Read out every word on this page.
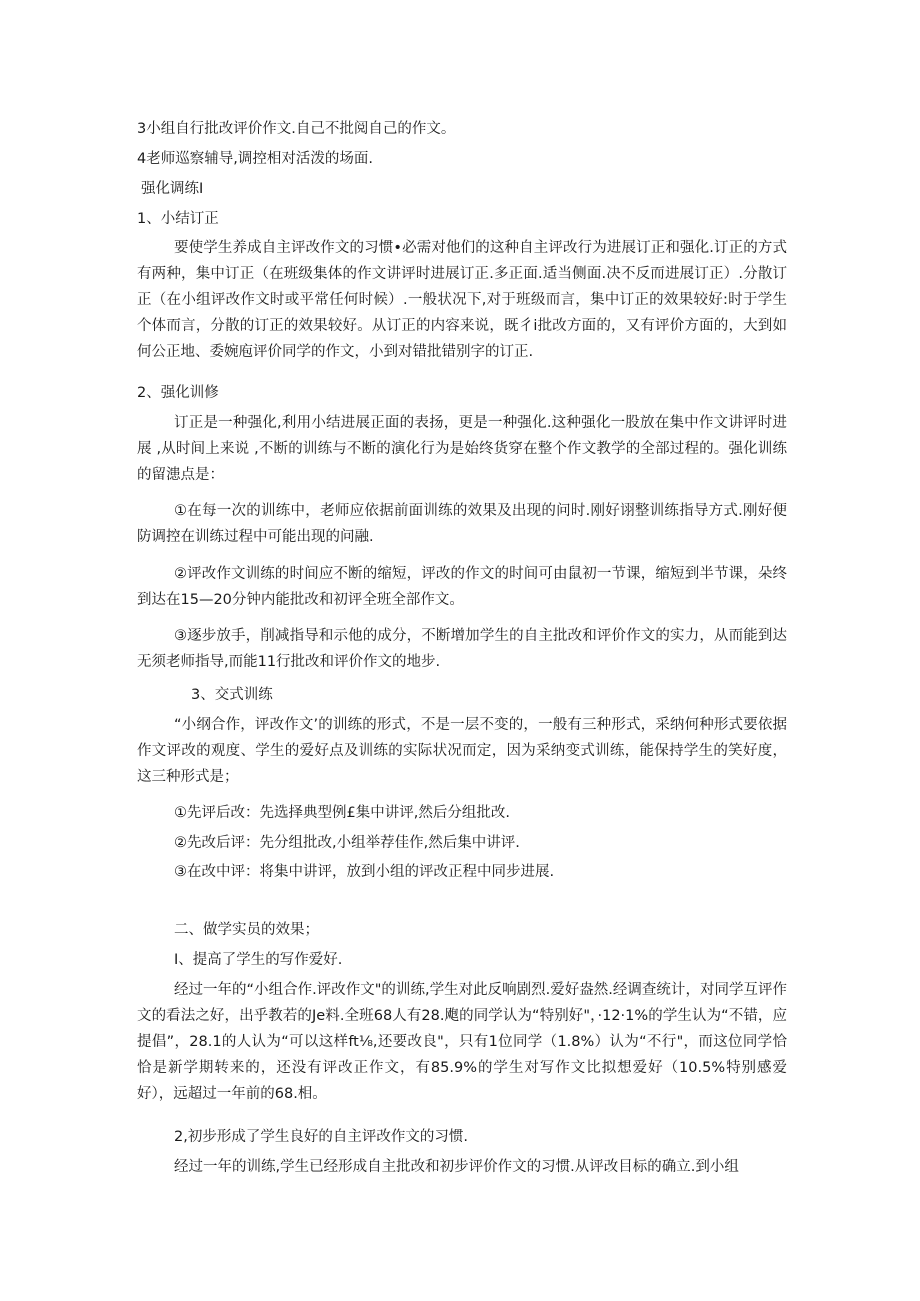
3小组自行批改评价作文.自己不批阅自己的作文。

4老师巡察辅导,调控相对活泼的场面.

强化调练I

1、小结订正

要使学生养成自主评改作文的习惯•必需对他们的这种自主评改行为进展订正和强化.订正的方式有两种，集中订正（在班级集体的作文讲评时进展订正.多正面.适当侧面.决不反而进展订正）.分散订正（在小组评改作文时或平常任何时候）.一般状况下,对于班级而言，集中订正的效果较好:时于学生个体而言，分散的订正的效果较好。从订正的内容来说，既彳i批改方面的，又有评价方面的，大到如何公正地、委婉庖评价同学的作文，小到对错批错别字的订正.

2、强化训修

订正是一种强化,利用小结进展正面的表扬，更是一种强化.这种强化一股放在集中作文讲评时进展 ,从时间上来说 ,不断的训练与不断的演化行为是始终货穿在整个作文教学的全部过程的。强化训练的留漶点是：

①在每一次的训练中，老师应依据前面训练的效果及出现的问时.刚好诩整训练指导方式.刚好便防调控在训练过程中可能出现的问融.

②评改作文训练的时间应不断的缩短，评改的作文的时间可由鼠初一节课，缩短到半节课，朵终到达在15—20分钟内能批改和初评全班全部作文。

③逐步放手，削减指导和示他的成分，不断增加学生的自主批改和评价作文的实力，从而能到达无须老师指导,而能11行批改和评价作文的地步.

3、交式训练

“小纲合作，评改作文’的训练的形式，不是一层不变的，一般有三种形式，采纳何种形式要依据作文评改的观度、学生的爱好点及训练的实际状况而定，因为采纳变式训练，能保持学生的笑好度，这三种形式是；

①先评后改：先选择典型例£集中讲评,然后分组批改.

②先改后评：先分组批改,小组举荐佳作,然后集中讲评.

③在改中评：将集中讲评，放到小组的评改正程中同步进展.

二、做学实员的效果；

I、提高了学生的写作爱好.

经过一年的“小组合作.评改作文"的训练,学生对此反响剧烈.爱好盎然.经调查统计，对同学互评作文的看法之好，出乎教若的Je料.全班68人有28.飑的同学认为“特别好"，·12·1%的学生认为“不错，应提倡”，28.1的人认为“可以这样ft⅛,还要改良"，只有1位同学（1.8%）认为“不行"，而这位同学恰恰是新学期转来的，还没有评改正作文，有85.9%的学生对写作文比拟想爱好（10.5%特别感爱好），远超过一年前的68.相。

2,初步形成了学生良好的自主评改作文的习惯.

经过一年的训练,学生已经形成自主批改和初步评价作文的习惯.从评改目标的确立.到小组
